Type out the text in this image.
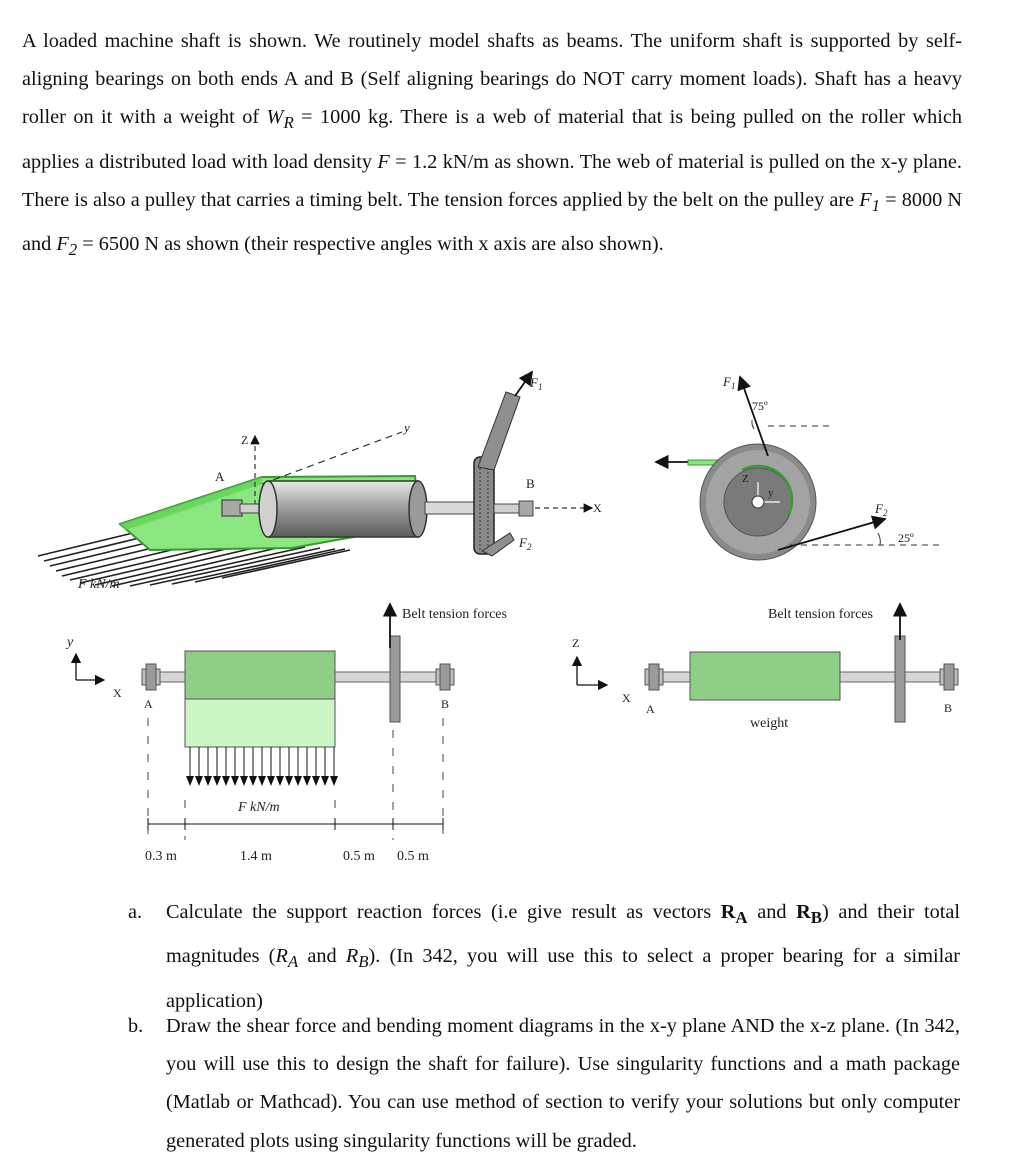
A loaded machine shaft is shown. We routinely model shafts as beams. The uniform shaft is supported by self-aligning bearings on both ends A and B (Self aligning bearings do NOT carry moment loads). Shaft has a heavy roller on it with a weight of $W_R = 1000$ kg. There is a web of material that is being pulled on the roller which applies a distributed load with load density F = 1.2 kN/m as shown. The web of material is pulled on the x-y plane. There is also a pulley that carries a timing belt. The tension forces applied by the belt on the pulley are $F_1 = 8000$ N and $F_2 = 6500$ N as shown (their respective angles with x axis are also shown).

Z
y
A
$F_1$
$F_2$
B
X
Z
y
$F_1$
75º
$F_2$
25º
F kN/m
y
X
A
F kN/m
Belt tension forces
B
0.3 m	1.4 m	0.5 m 0.5 m
Z
X
A
weight
Belt tension forces
B
a.	Calculate the support reaction forces (i.e give result as vectors $R_A$ and $R_B$) and their total magnitudes ($R_A$ and $R_B$). (In 342, you will use this to select a proper bearing for a similar application)
b.	Draw the shear force and bending moment diagrams in the x-y plane AND the x-z plane. (In 342, you will use this to design the shaft for failure). Use singularity functions and a math package (Matlab or Mathcad). You can use method of section to verify your solutions but only computer generated plots using singularity functions will be graded.
